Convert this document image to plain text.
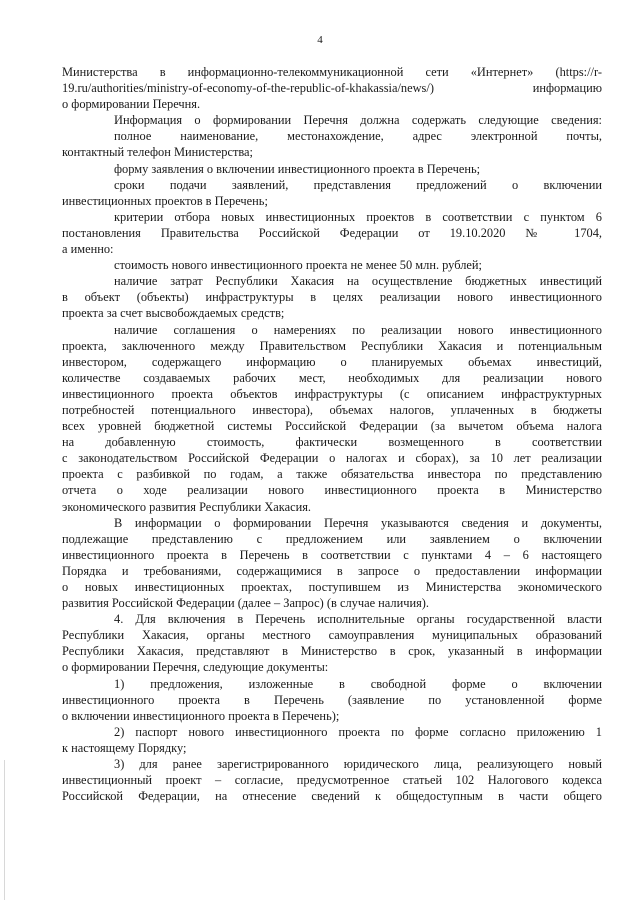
4
Министерства в информационно-телекоммуникационной сети «Интернет» (https://r-
19.ru/authorities/ministry-of-economy-of-the-republic-of-khakassia/news/) информацию
о формировании Перечня.
Информация о формировании Перечня должна содержать следующие сведения:
полное наименование, местонахождение, адрес электронной почты,
контактный телефон Министерства;
форму заявления о включении инвестиционного проекта в Перечень;
сроки подачи заявлений, представления предложений о включении
инвестиционных проектов в Перечень;
критерии отбора новых инвестиционных проектов в соответствии с пунктом 6
постановления Правительства Российской Федерации от 19.10.2020 № 1704,
а именно:
стоимость нового инвестиционного проекта не менее 50 млн. рублей;
наличие затрат Республики Хакасия на осуществление бюджетных инвестиций
в объект (объекты) инфраструктуры в целях реализации нового инвестиционного
проекта за счет высвобождаемых средств;
наличие соглашения о намерениях по реализации нового инвестиционного
проекта, заключенного между Правительством Республики Хакасия и потенциальным
инвестором, содержащего информацию о планируемых объемах инвестиций,
количестве создаваемых рабочих мест, необходимых для реализации нового
инвестиционного проекта объектов инфраструктуры (с описанием инфраструктурных
потребностей потенциального инвестора), объемах налогов, уплаченных в бюджеты
всех уровней бюджетной системы Российской Федерации (за вычетом объема налога
на добавленную стоимость, фактически возмещенного в соответствии
с законодательством Российской Федерации о налогах и сборах), за 10 лет реализации
проекта с разбивкой по годам, а также обязательства инвестора по представлению
отчета о ходе реализации нового инвестиционного проекта в Министерство
экономического развития Республики Хакасия.
В информации о формировании Перечня указываются сведения и документы,
подлежащие представлению с предложением или заявлением о включении
инвестиционного проекта в Перечень в соответствии с пунктами 4 – 6 настоящего
Порядка и требованиями, содержащимися в запросе о предоставлении информации
о новых инвестиционных проектах, поступившем из Министерства экономического
развития Российской Федерации (далее – Запрос) (в случае наличия).
4. Для включения в Перечень исполнительные органы государственной власти
Республики Хакасия, органы местного самоуправления муниципальных образований
Республики Хакасия, представляют в Министерство в срок, указанный в информации
о формировании Перечня, следующие документы:
1) предложения, изложенные в свободной форме о включении
инвестиционного проекта в Перечень (заявление по установленной форме
о включении инвестиционного проекта в Перечень);
2) паспорт нового инвестиционного проекта по форме согласно приложению 1
к настоящему Порядку;
3) для ранее зарегистрированного юридического лица, реализующего новый
инвестиционный проект – согласие, предусмотренное статьей 102 Налогового кодекса
Российской Федерации, на отнесение сведений к общедоступным в части общего
